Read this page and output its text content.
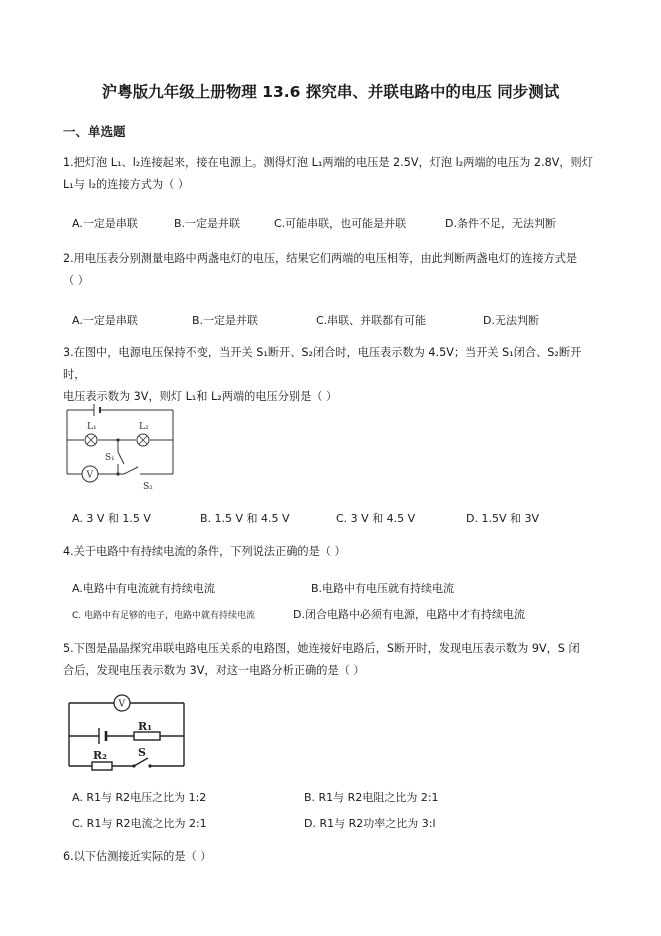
沪粤版九年级上册物理 13.6 探究串、并联电路中的电压 同步测试
一、单选题
1.把灯泡 L₁、l₂连接起来，接在电源上。测得灯泡 L₁两端的电压是 2.5V，灯泡 l₂两端的电压为 2.8V，则灯
L₁与 l₂的连接方式为（ ）
A.一定是串联	B.一定是并联	C.可能串联，也可能是并联	D.条件不足，无法判断
2.用电压表分别测量电路中两盏电灯的电压，结果它们两端的电压相等，由此判断两盏电灯的连接方式是
（ ）
A.一定是串联	B.一定是并联	C.串联、并联都有可能	D.无法判断
3.在图中，电源电压保持不变，当开关 S₁断开、S₂闭合时，电压表示数为 4.5V；当开关 S₁闭合、S₂断开时，
电压表示数为 3V，则灯 L₁和 L₂两端的电压分别是（ ）
L₁	L₂
S₁
V
S₂
A. 3 V 和 1.5 V	B. 1.5 V 和 4.5 V	C. 3 V 和 4.5 V	D. 1.5V 和 3V
4.关于电路中有持续电流的条件，下列说法正确的是（ ）
A.电路中有电流就有持续电流	B.电路中有电压就有持续电流
C. 电路中有足够的电子，电路中就有持续电流	D.闭合电路中必须有电源，电路中才有持续电流
5.下图是晶晶探究串联电路电压关系的电路图，她连接好电路后，S断开时，发现电压表示数为 9V，S 闭
合后，发现电压表示数为 3V，对这一电路分析正确的是（ ）
V
R₁
R₂	S
A. R1与 R2电压之比为 1:2	B. R1与 R2电阻之比为 2:1
C. R1与 R2电流之比为 2:1	D. R1与 R2功率之比为 3:l
6.以下估测接近实际的是（ ）
